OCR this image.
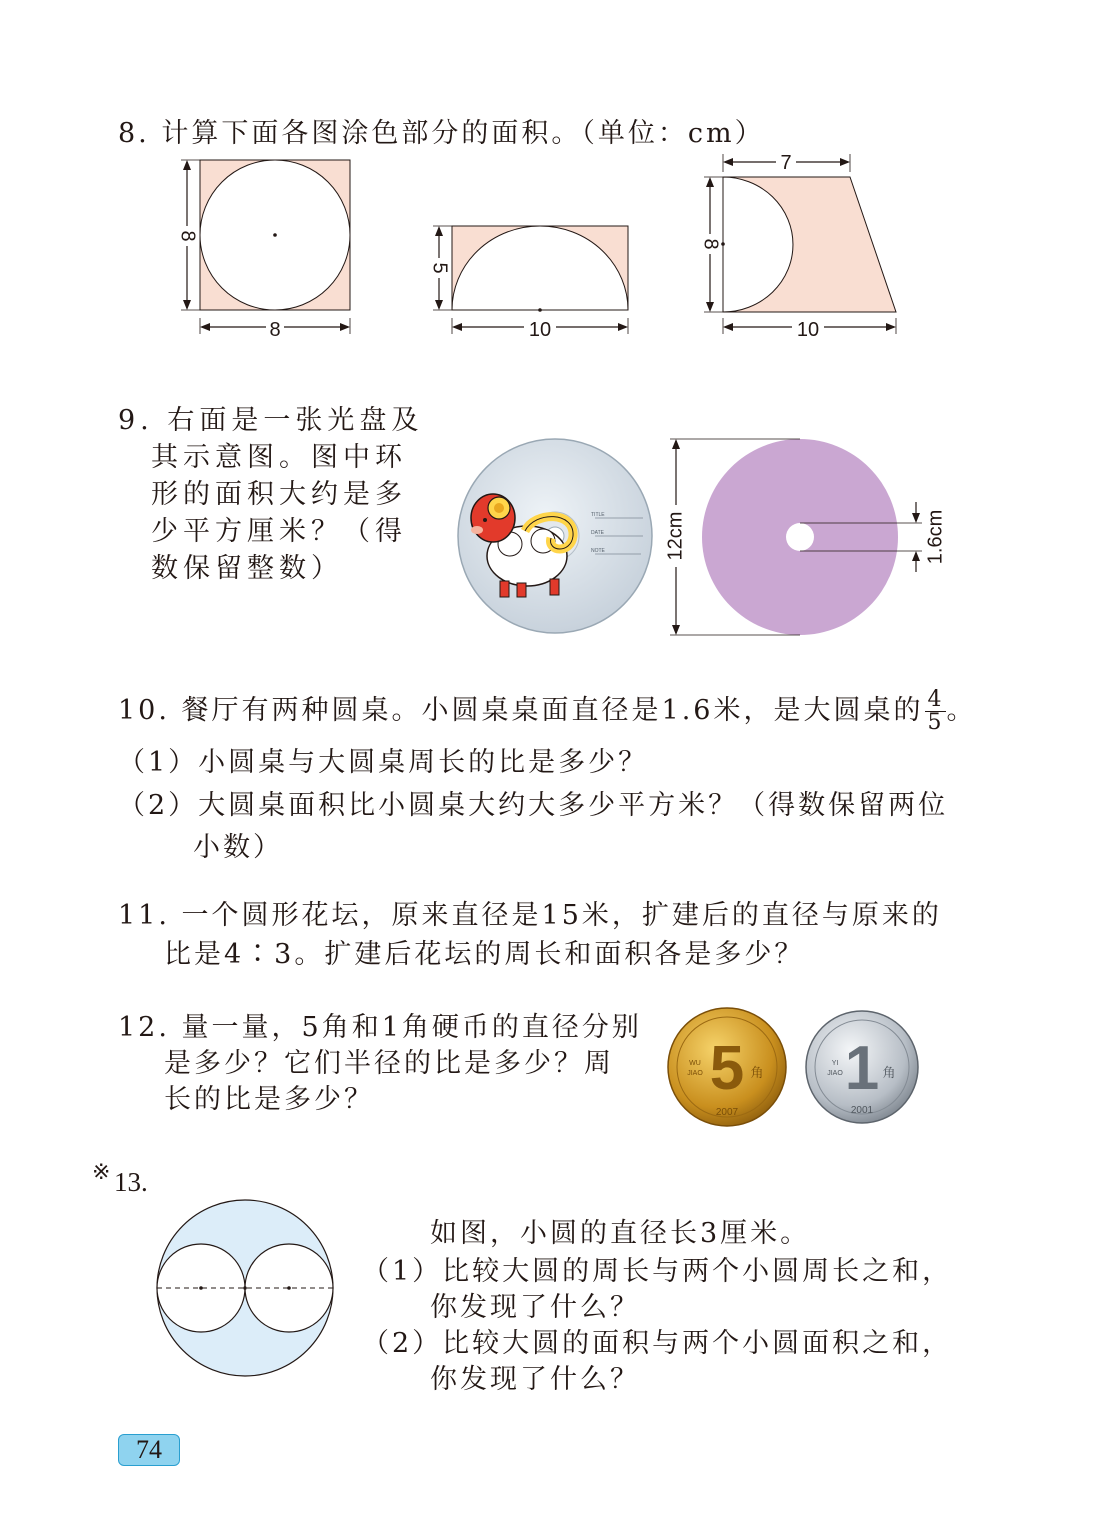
8. 计算下面各图涂色部分的面积。（单位：cm）
8
8
10
5
7
10
8
9. 右面是一张光盘及
其示意图。图中环
形的面积大约是多
少平方厘米？（得
数保留整数）
TITLE
DATE
NOTE	12cm	1.6cm
10. 餐厅有两种圆桌。小圆桌桌面直径是1.6米，是大圆桌的 $\frac{4}{5}$ 。
（1）小圆桌与大圆桌周长的比是多少？
（2）大圆桌面积比小圆桌大约大多少平方米？（得数保留两位
小数）
11. 一个圆形花坛，原来直径是15米，扩建后的直径与原来的
比是4∶3。扩建后花坛的周长和面积各是多少？
12. 量一量，5角和1角硬币的直径分别
是多少？它们半径的比是多少？周
长的比是多少？	5 角
2007
WU
JIAO 1 角
2001
YI
JIAO
※ 13.
如图，小圆的直径长3厘米。
（1）比较大圆的周长与两个小圆周长之和，
你发现了什么？
（2）比较大圆的面积与两个小圆面积之和，
你发现了什么？
74
